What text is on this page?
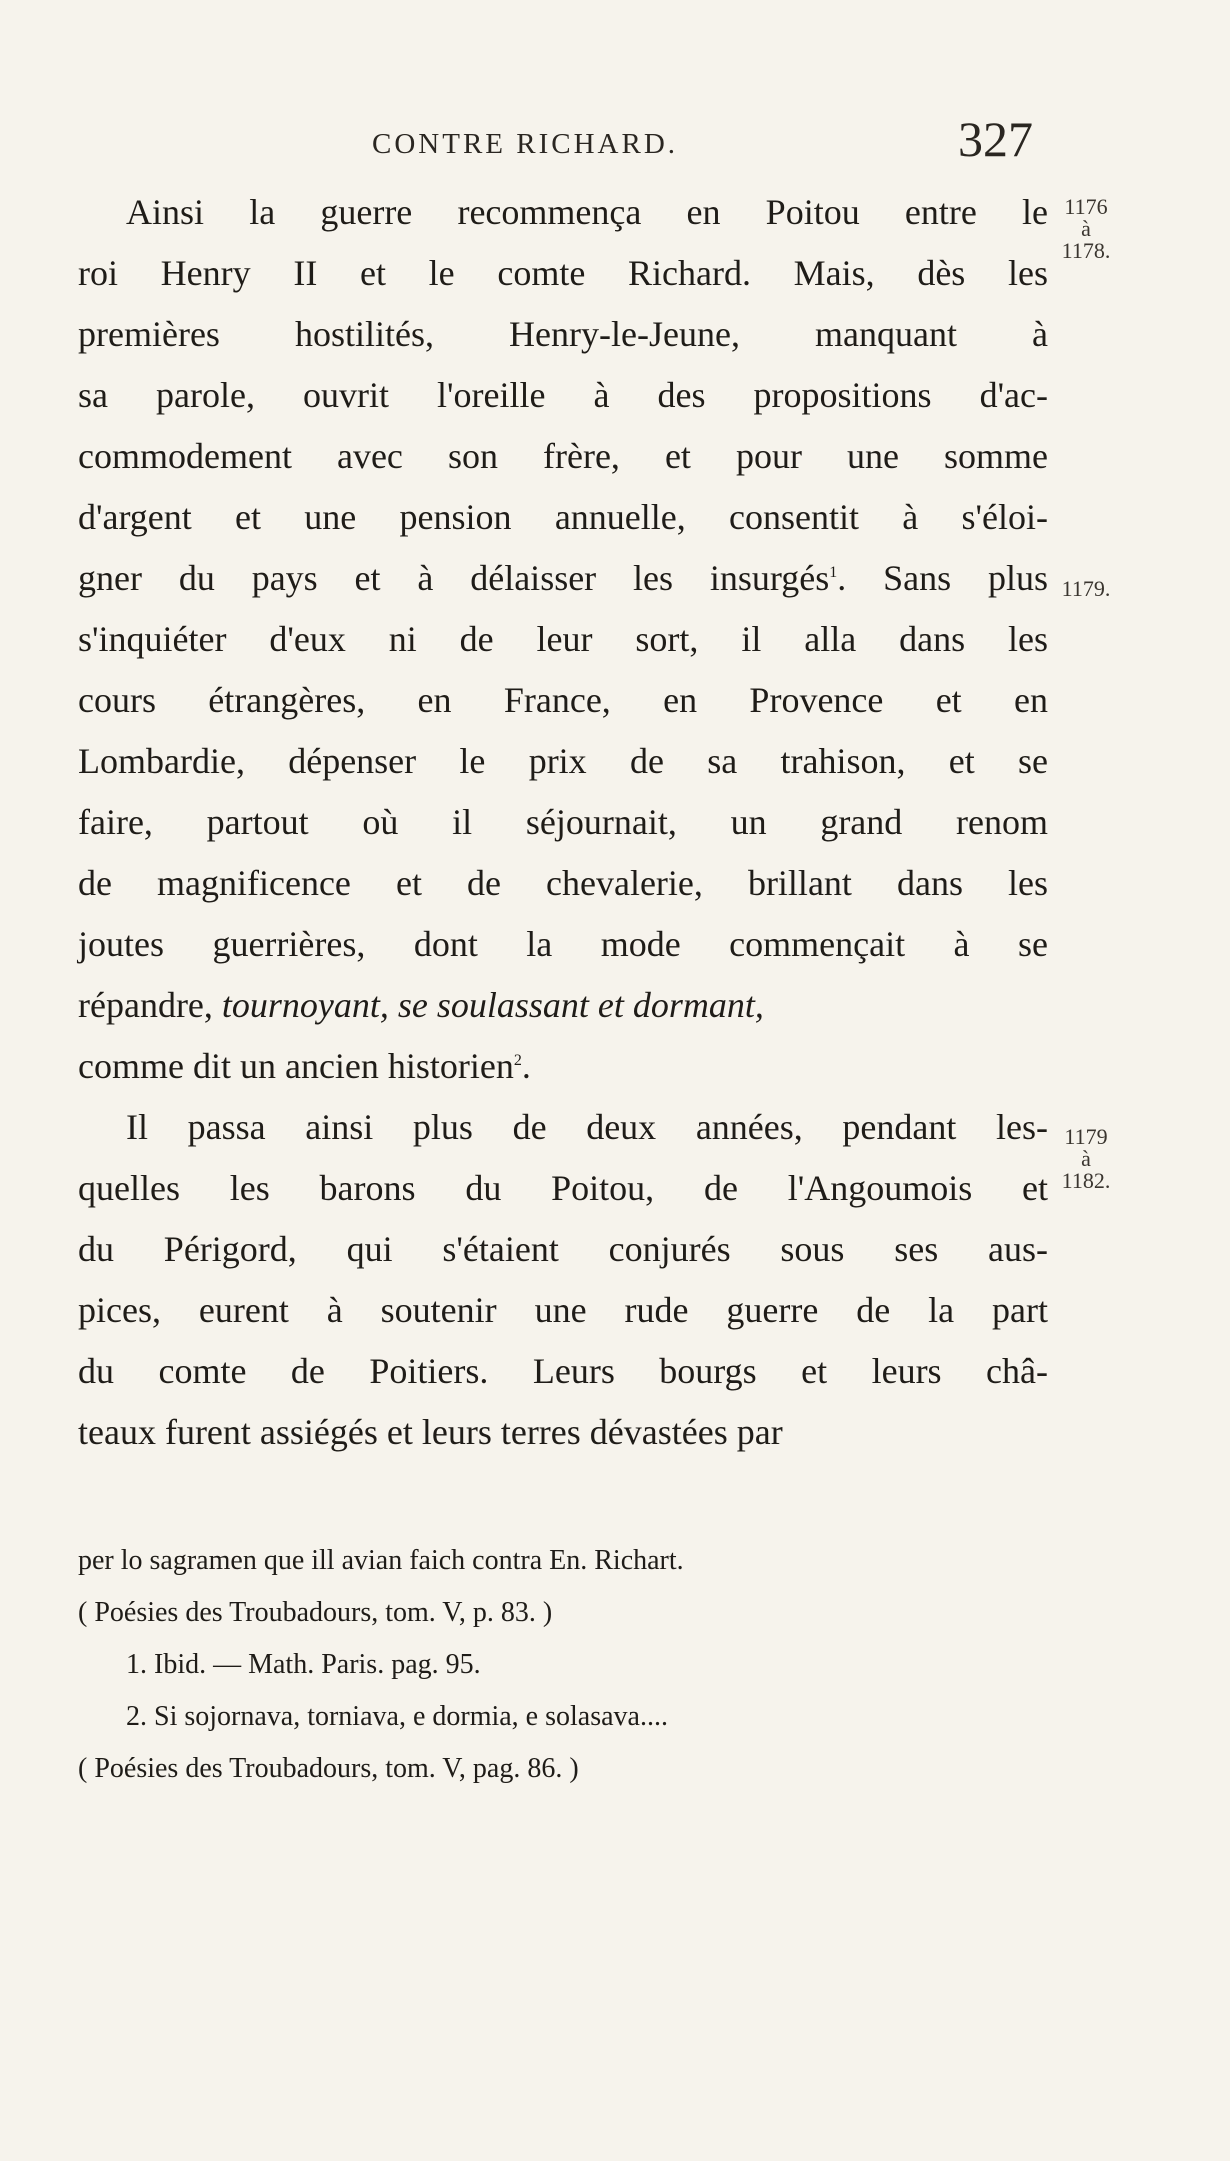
CONTRE RICHARD.	327
Ainsi la guerre recommença en Poitou entre le
roi Henry II et le comte Richard. Mais, dès les
premières hostilités, Henry-le-Jeune, manquant à
sa parole, ouvrit l'oreille à des propositions d'ac-
commodement avec son frère, et pour une somme
d'argent et une pension annuelle, consentit à s'éloi-
gner du pays et à délaisser les insurgés$^1$. Sans plus
s'inquiéter d'eux ni de leur sort, il alla dans les
cours étrangères, en France, en Provence et en
Lombardie, dépenser le prix de sa trahison, et se
faire, partout où il séjournait, un grand renom
de magnificence et de chevalerie, brillant dans les
joutes guerrières, dont la mode commençait à se
répandre, tournoyant, se soulassant et dormant,
comme dit un ancien historien$^2$.
Il passa ainsi plus de deux années, pendant les-
quelles les barons du Poitou, de l'Angoumois et
du Périgord, qui s'étaient conjurés sous ses aus-
pices, eurent à soutenir une rude guerre de la part
du comte de Poitiers. Leurs bourgs et leurs châ-
teaux furent assiégés et leurs terres dévastées par
1176
à
1178.
1179.
1179
à
1182.
per lo sagramen que ill avian faich contra En. Richart.
( Poésies des Troubadours, tom. V, p. 83. )
1. Ibid. — Math. Paris. pag. 95.
2. Si sojornava, torniava, e dormia, e solasava....
( Poésies des Troubadours, tom. V, pag. 86. )
